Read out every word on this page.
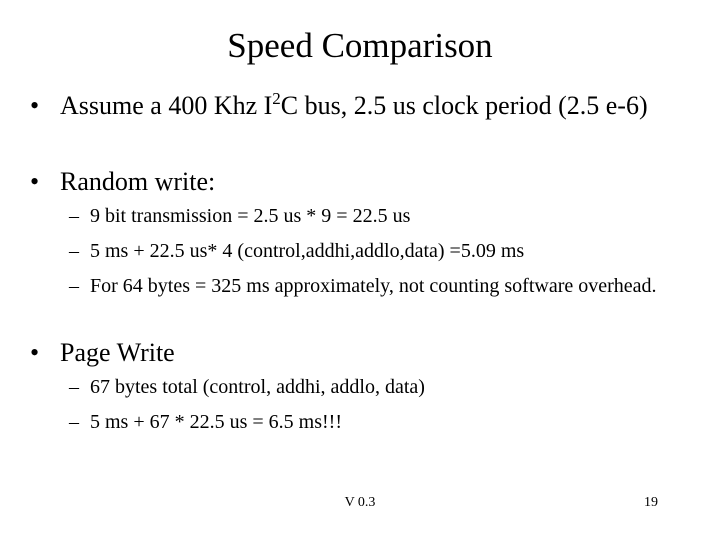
Speed Comparison
• Assume a 400 Khz $I^2C$ bus, 2.5 us clock period (2.5 e-6)
• Random write:
– 9 bit transmission = 2.5 us * 9 = 22.5 us
– 5 ms + 22.5 us* 4 (control,addhi,addlo,data) =5.09 ms
– For 64 bytes = 325 ms approximately, not counting software overhead.
• Page Write
– 67 bytes total (control, addhi, addlo, data)
– 5 ms + 67 * 22.5 us = 6.5 ms!!!
V 0.3	19
